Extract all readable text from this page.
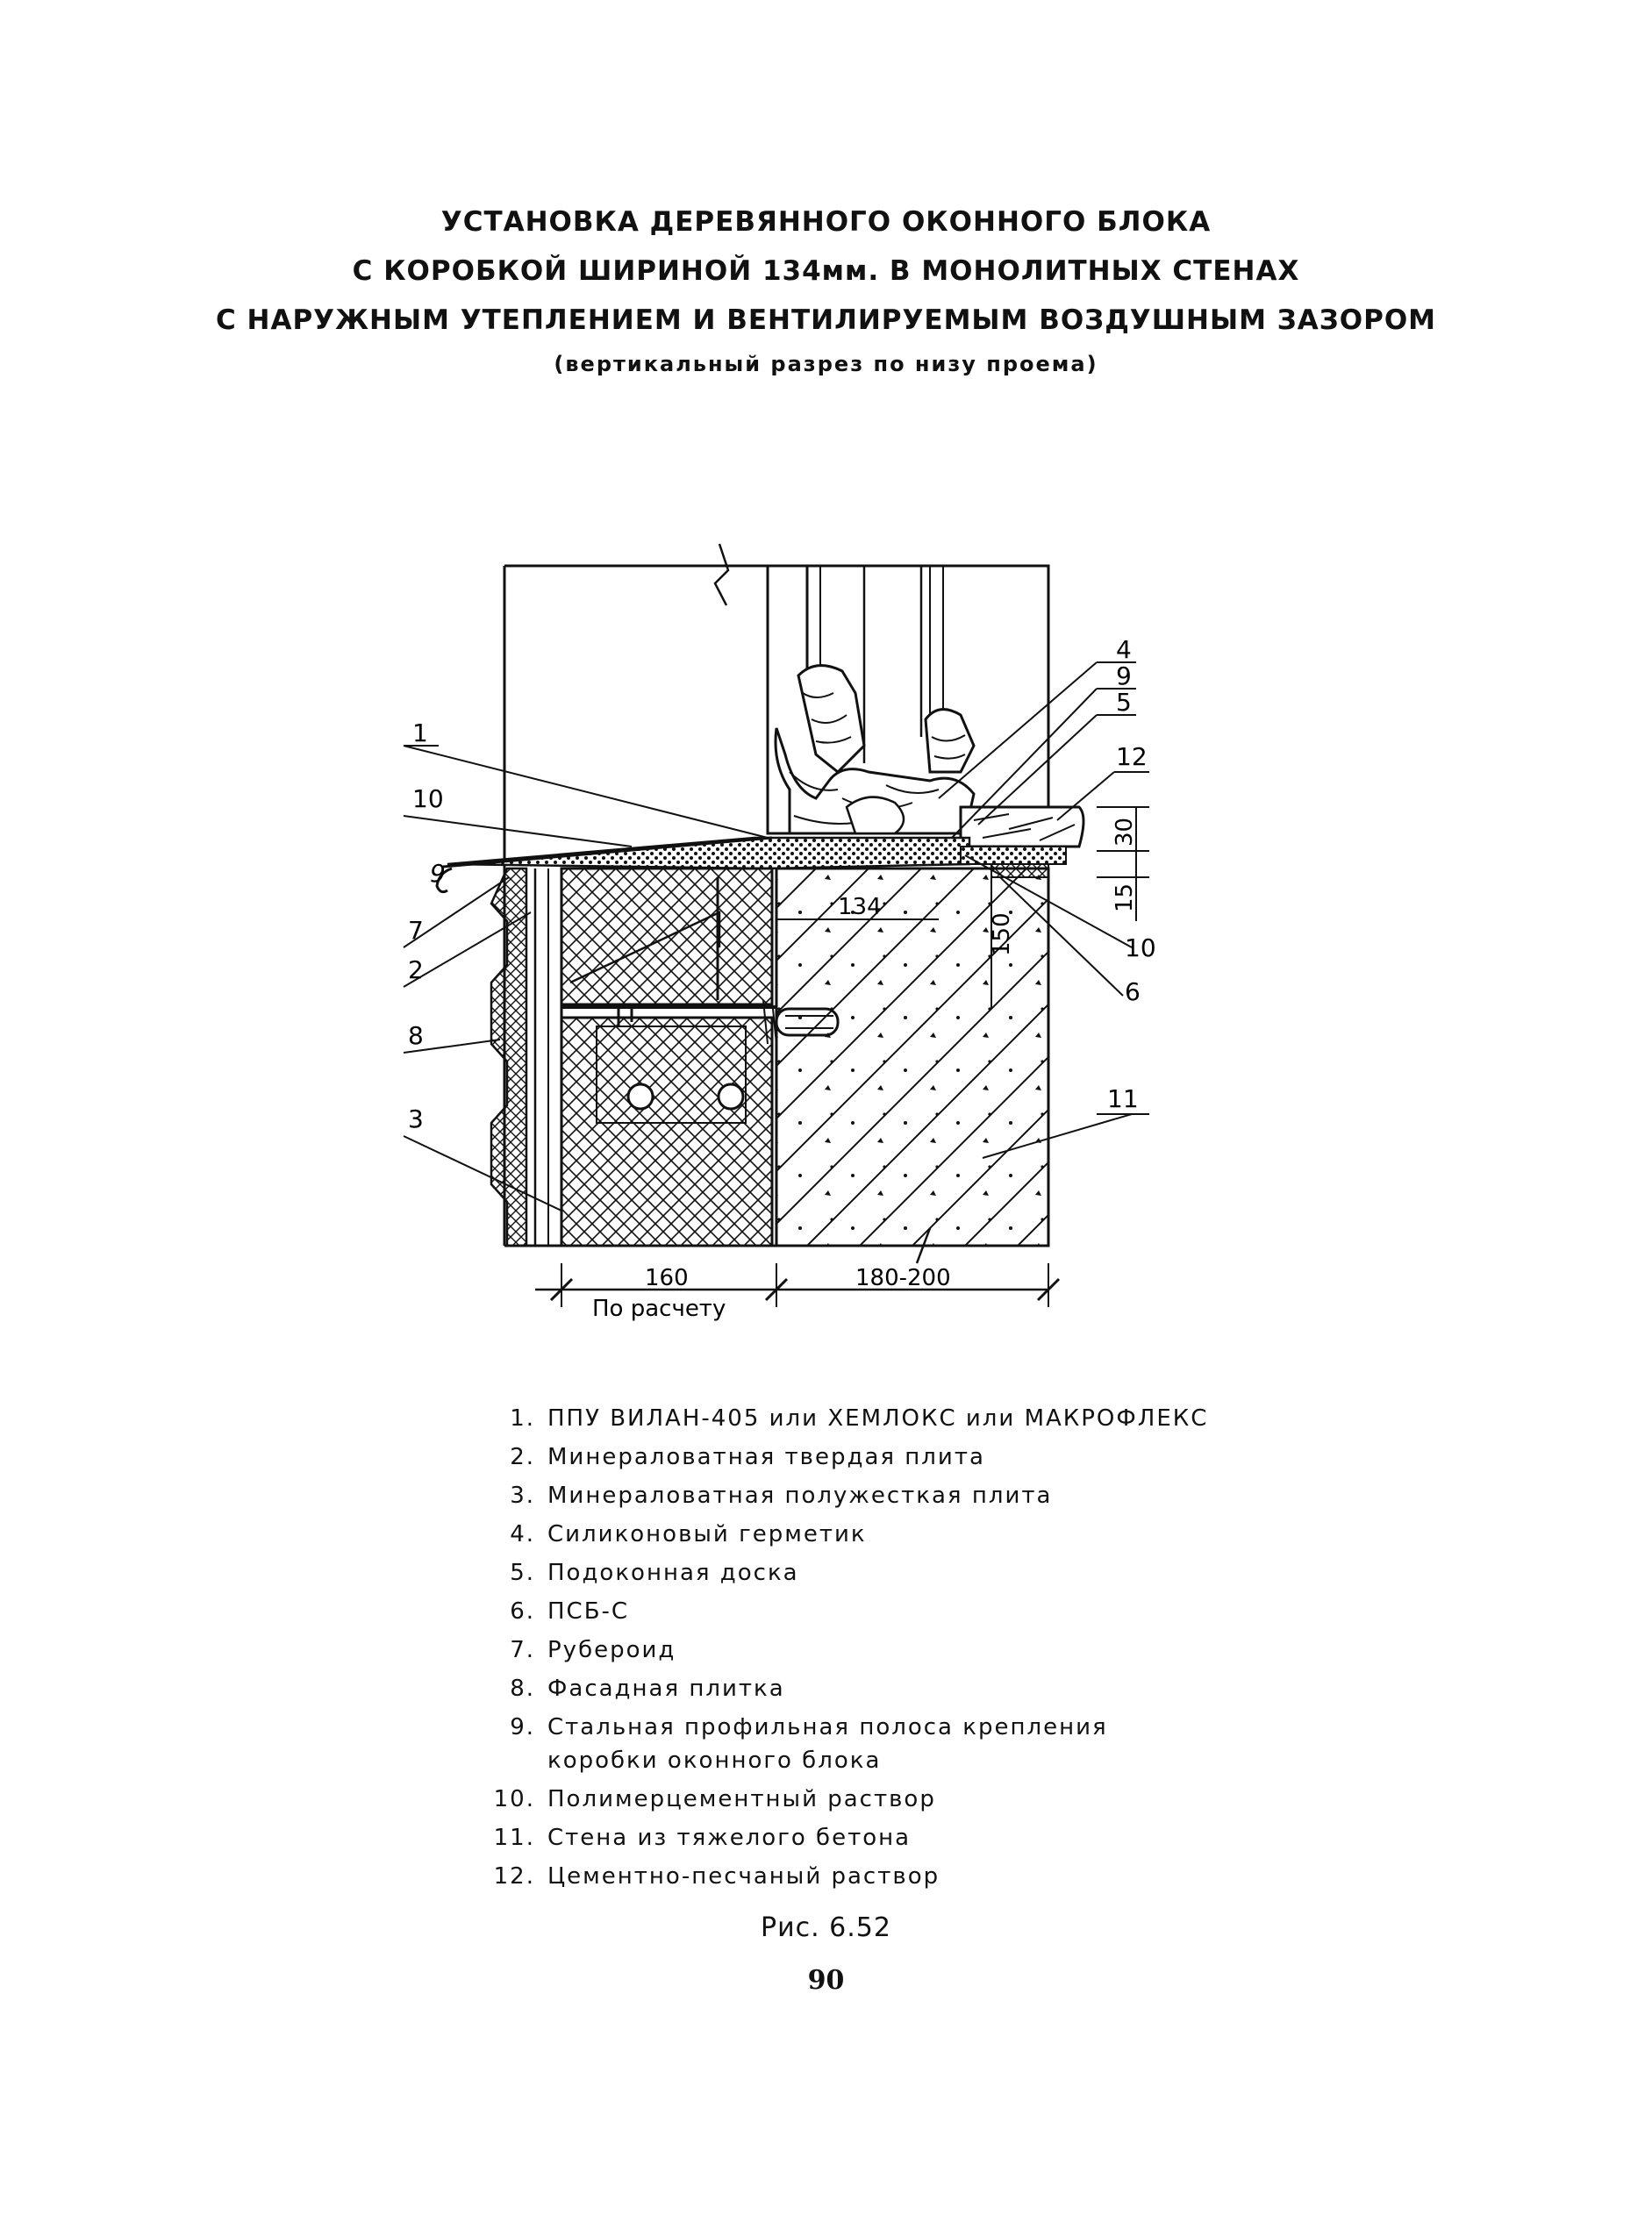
УСТАНОВКА ДЕРЕВЯННОГО ОКОННОГО БЛОКА
С КОРОБКОЙ ШИРИНОЙ 134мм. В МОНОЛИТНЫХ СТЕНАХ
С НАРУЖНЫМ УТЕПЛЕНИЕМ И ВЕНТИЛИРУЕМЫМ ВОЗДУШНЫМ ЗАЗОРОМ
(вертикальный разрез по низу проема)
1
10
9
7
2
8
3
4
9
5
12
10
6
11
134
150
30
15
160	180-200
По расчету
1. ППУ ВИЛАН-405 или ХЕМЛОКС или МАКРОФЛЕКС
2. Минераловатная твердая плита
3. Минераловатная полужесткая плита
4. Силиконовый герметик
5. Подоконная доска
6. ПСБ-С
7. Рубероид
8. Фасадная плитка
9. Стальная профильная полоса крепления коробки оконного блока
10. Полимерцементный раствор
11. Стена из тяжелого бетона
12. Цементно-песчаный раствор
Рис. 6.52
90
